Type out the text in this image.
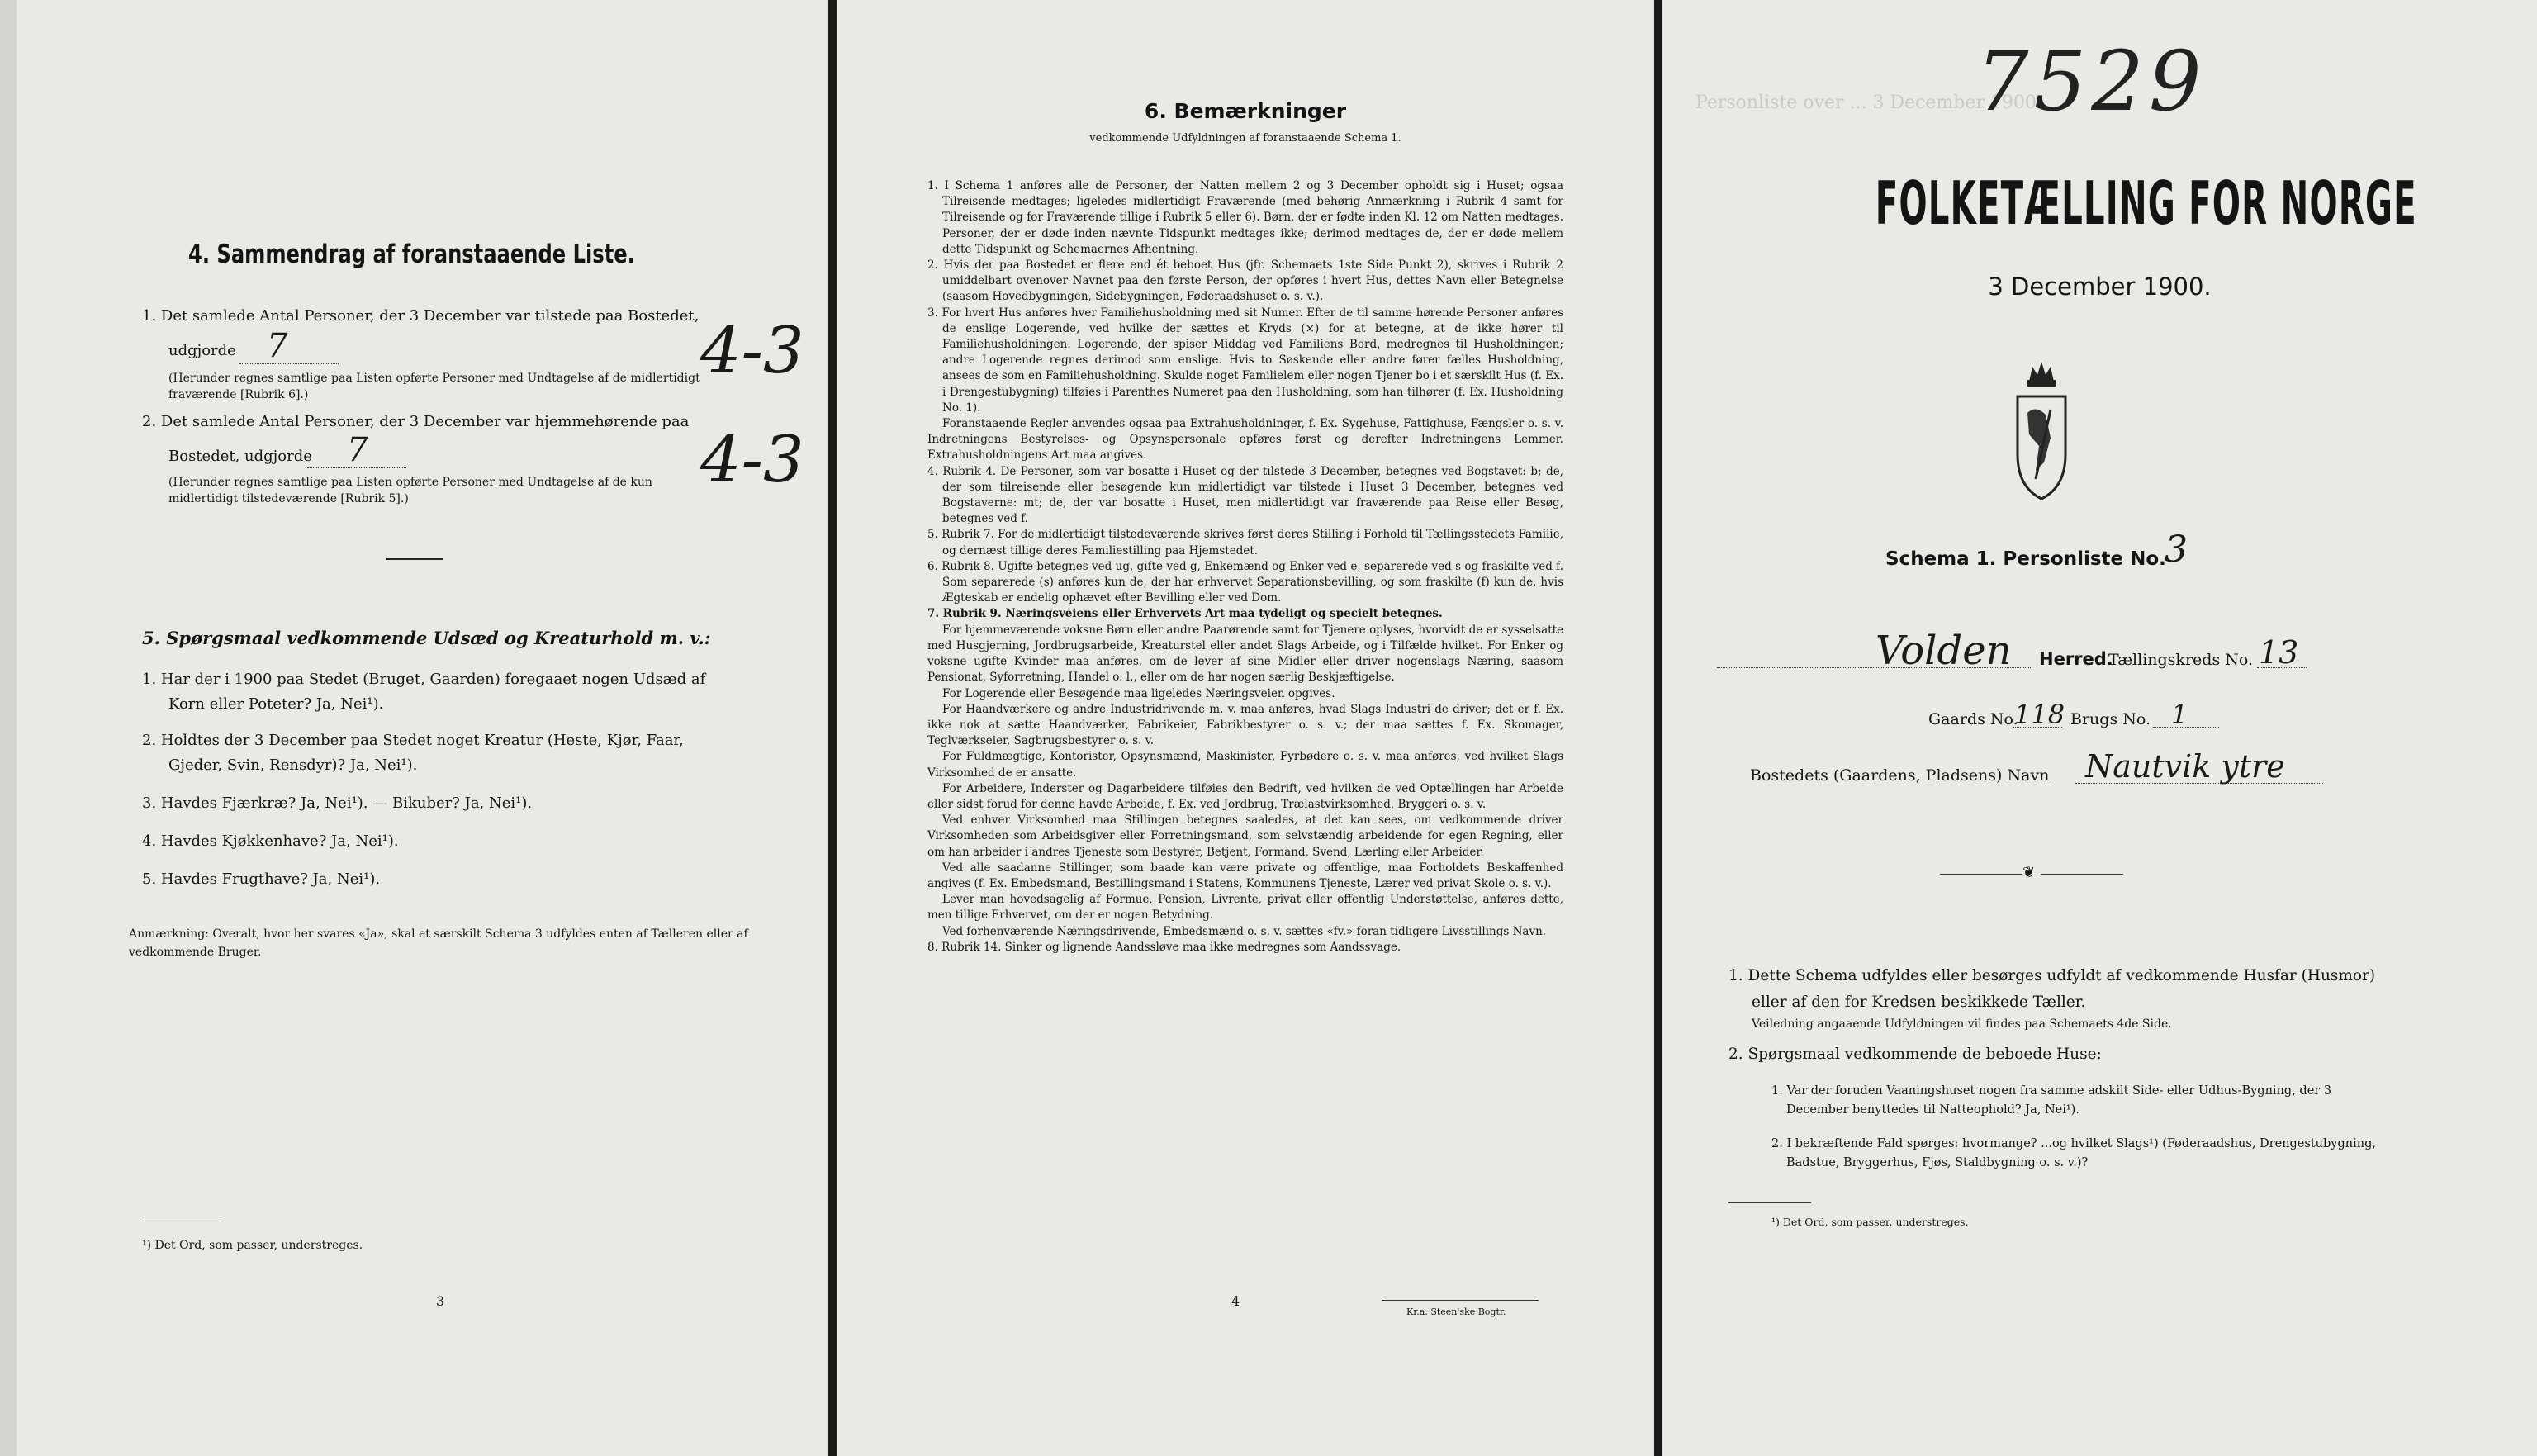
4. Sammendrag af foranstaaende Liste.
1. Det samlede Antal Personer, der 3 December var tilstede paa Bostedet,
udgjorde 7
(Herunder regnes samtlige paa Listen opførte Personer med Undtagelse af de midlertidigt fraværende [Rubrik 6].)
4-3
2. Det samlede Antal Personer, der 3 December var hjemmehørende paa
Bostedet, udgjorde 7
(Herunder regnes samtlige paa Listen opførte Personer med Undtagelse af de kun midlertidigt tilstedeværende [Rubrik 5].)
4-3
5. Spørgsmaal vedkommende Udsæd og Kreaturhold m. v.:
1. Har der i 1900 paa Stedet (Bruget, Gaarden) foregaaet nogen Udsæd af
Korn eller Poteter? Ja, Nei¹).
2. Holdtes der 3 December paa Stedet noget Kreatur (Heste, Kjør, Faar,
Gjeder, Svin, Rensdyr)? Ja, Nei¹).
3. Havdes Fjærkræ? Ja, Nei¹). — Bikuber? Ja, Nei¹).
4. Havdes Kjøkkenhave? Ja, Nei¹).
5. Havdes Frugthave? Ja, Nei¹).
Anmærkning: Overalt, hvor her svares «Ja», skal et særskilt Schema 3 udfyldes enten af Tælleren eller af vedkommende Bruger.
¹) Det Ord, som passer, understreges.
3
6. Bemærkninger
vedkommende Udfyldningen af foranstaaende Schema 1.

1. I Schema 1 anføres alle de Personer, der Natten mellem 2 og 3 December opholdt sig i Huset; ogsaa Tilreisende medtages; ligeledes midlertidigt Fraværende (med behørig Anmærkning i Rubrik 4 samt for Tilreisende og for Fraværende tillige i Rubrik 5 eller 6). Børn, der er fødte inden Kl. 12 om Natten medtages. Personer, der er døde inden nævnte Tidspunkt medtages ikke; derimod medtages de, der er døde mellem dette Tidspunkt og Schemaernes Afhentning.

2. Hvis der paa Bostedet er flere end ét beboet Hus (jfr. Schemaets 1ste Side Punkt 2), skrives i Rubrik 2 umiddelbart ovenover Navnet paa den første Person, der opføres i hvert Hus, dettes Navn eller Betegnelse (saasom Hovedbygningen, Sidebygningen, Føderaadshuset o. s. v.).

3. For hvert Hus anføres hver Familiehusholdning med sit Numer. Efter de til samme hørende Personer anføres de enslige Logerende, ved hvilke der sættes et Kryds (×) for at betegne, at de ikke hører til Familiehusholdningen. Logerende, der spiser Middag ved Familiens Bord, medregnes til Husholdningen; andre Logerende regnes derimod som enslige. Hvis to Søskende eller andre fører fælles Husholdning, ansees de som en Familiehusholdning. Skulde noget Familielem eller nogen Tjener bo i et særskilt Hus (f. Ex. i Drengestubygning) tilføies i Parenthes Numeret paa den Husholdning, som han tilhører (f. Ex. Husholdning No. 1).

Foranstaaende Regler anvendes ogsaa paa Extrahusholdninger, f. Ex. Sygehuse, Fattighuse, Fængsler o. s. v. Indretningens Bestyrelses- og Opsynspersonale opføres først og derefter Indretningens Lemmer. Extrahusholdningens Art maa angives.

4. Rubrik 4. De Personer, som var bosatte i Huset og der tilstede 3 December, betegnes ved Bogstavet: b; de, der som tilreisende eller besøgende kun midlertidigt var tilstede i Huset 3 December, betegnes ved Bogstaverne: mt; de, der var bosatte i Huset, men midlertidigt var fraværende paa Reise eller Besøg, betegnes ved f.

5. Rubrik 7. For de midlertidigt tilstedeværende skrives først deres Stilling i Forhold til Tællingsstedets Familie, og dernæst tillige deres Familiestilling paa Hjemstedet.

6. Rubrik 8. Ugifte betegnes ved ug, gifte ved g, Enkemænd og Enker ved e, separerede ved s og fraskilte ved f. Som separerede (s) anføres kun de, der har erhvervet Separationsbevilling, og som fraskilte (f) kun de, hvis Ægteskab er endelig ophævet efter Bevilling eller ved Dom.

7. Rubrik 9. Næringsveiens eller Erhvervets Art maa tydeligt og specielt betegnes.

For hjemmeværende voksne Børn eller andre Paarørende samt for Tjenere oplyses, hvorvidt de er sysselsatte med Husgjerning, Jordbrugsarbeide, Kreaturstel eller andet Slags Arbeide, og i Tilfælde hvilket. For Enker og voksne ugifte Kvinder maa anføres, om de lever af sine Midler eller driver nogenslags Næring, saasom Pensionat, Syforretning, Handel o. l., eller om de har nogen særlig Beskjæftigelse.

For Logerende eller Besøgende maa ligeledes Næringsveien opgives.

For Haandværkere og andre Industridrivende m. v. maa anføres, hvad Slags Industri de driver; det er f. Ex. ikke nok at sætte Haandværker, Fabrikeier, Fabrikbestyrer o. s. v.; der maa sættes f. Ex. Skomager, Teglværkseier, Sagbrugsbestyrer o. s. v.

For Fuldmægtige, Kontorister, Opsynsmænd, Maskinister, Fyrbødere o. s. v. maa anføres, ved hvilket Slags Virksomhed de er ansatte.

For Arbeidere, Inderster og Dagarbeidere tilføies den Bedrift, ved hvilken de ved Optællingen har Arbeide eller sidst forud for denne havde Arbeide, f. Ex. ved Jordbrug, Trælastvirksomhed, Bryggeri o. s. v.

Ved enhver Virksomhed maa Stillingen betegnes saaledes, at det kan sees, om vedkommende driver Virksomheden som Arbeidsgiver eller Forretningsmand, som selvstændig arbeidende for egen Regning, eller om han arbeider i andres Tjeneste som Bestyrer, Betjent, Formand, Svend, Lærling eller Arbeider.

Ved alle saadanne Stillinger, som baade kan være private og offentlige, maa Forholdets Beskaffenhed angives (f. Ex. Embedsmand, Bestillingsmand i Statens, Kommunens Tjeneste, Lærer ved privat Skole o. s. v.).

Lever man hovedsagelig af Formue, Pension, Livrente, privat eller offentlig Understøttelse, anføres dette, men tillige Erhvervet, om der er nogen Betydning.

Ved forhenværende Næringsdrivende, Embedsmænd o. s. v. sættes «fv.» foran tidligere Livsstillings Navn.

8. Rubrik 14. Sinker og lignende Aandssløve maa ikke medregnes som Aandssvage.

4
Kr.a. Steen'ske Bogtr.
Personliste over ... 3 December 1900
7529
FOLKETÆLLING FOR NORGE
3 December 1900.
Schema 1. Personliste No.
3
Volden Herred.
Tællingskreds No. 13
Gaards No.
118 Brugs No. 1
Bostedets (Gaardens, Pladsens) Navn Nautvik ytre
❦
1. Dette Schema udfyldes eller besørges udfyldt af vedkommende Husfar (Husmor) eller af den for Kredsen beskikkede Tæller.
Veiledning angaaende Udfyldningen vil findes paa Schemaets 4de Side.
2. Spørgsmaal vedkommende de beboede Huse:
1. Var der foruden Vaaningshuset nogen fra samme adskilt Side- eller Udhus-Bygning, der 3 December benyttedes til Natteophold? Ja, Nei¹).
2. I bekræftende Fald spørges: hvormange? ...og hvilket Slags¹) (Føderaadshus, Drengestubygning, Badstue, Bryggerhus, Fjøs, Staldbygning o. s. v.)?
¹) Det Ord, som passer, understreges.
